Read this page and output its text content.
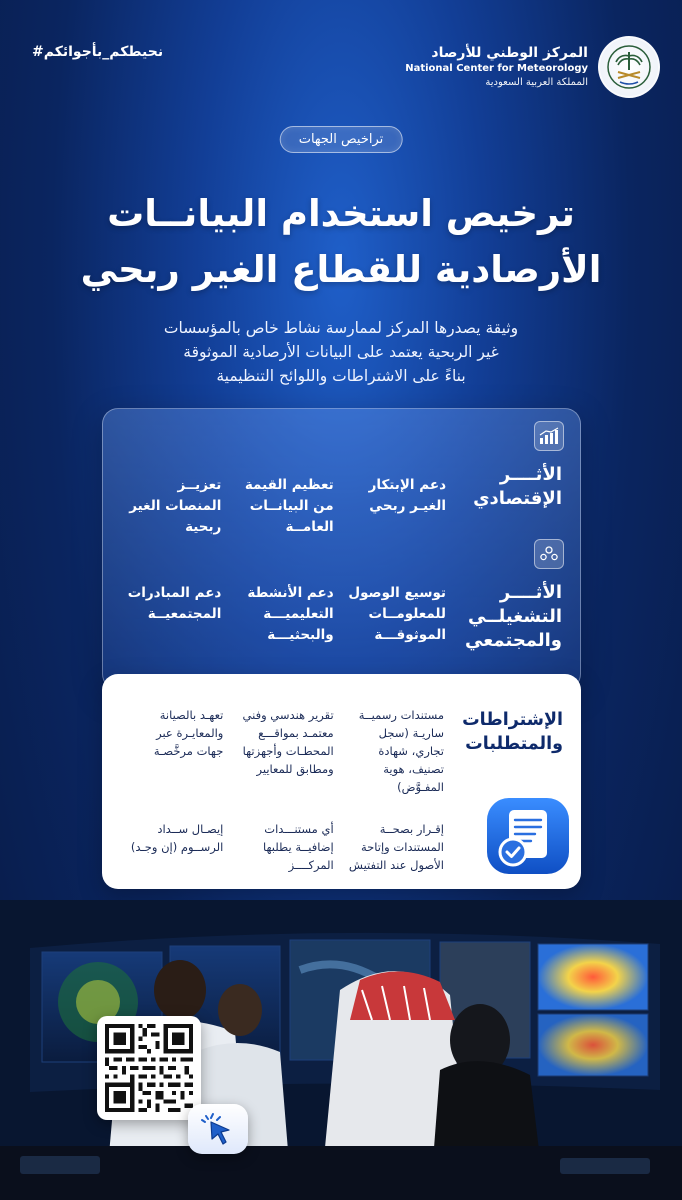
#نحيطكم_بأجوائكم	المركز الوطني للأرصاد
National Center for Meteorology
المملكة العربية السعودية
تراخيص الجهات
ترخيص استخدام البيانــات
الأرصادية للقطاع الغير ربحي
وثيقة يصدرها المركز لممارسة نشاط خاص بالمؤسسات
غير الربحية يعتمد على البيانات الأرصادية الموثوقة
بناءً على الاشتراطات واللوائح التنظيمية
الأثــــر
الإقتصادي
دعم الإبتكار الغيـر ربحي
تعظيم القيمة من البيانــات العامــة
تعزيــز المنصات الغير ربحية
الأثــــر
التشغيلــي
والمجتمعي
توسيع الوصول للمعلومــات الموثوقـــة
دعم الأنشطة التعليميـــة والبحثيـــة
دعم المبادرات المجتمعيــة
الإشتراطات
والمتطلبات
مستندات رسميــة ساريـة (سجل تجاري، شهادة تصنيف، هوية المفـوَّض)
تقرير هندسي وفني معتمـد بمواقـــع المحطـات وأجهزتها ومطابق للمعايير
تعهـد بالصيانة والمعايـرة عبر جهات مرخَّصـة
إقـرار بصحــة المستندات وإتاحة الأصول عند التفتيش
أي مستنـــدات إضافيــة يطلبها المركــــز
إيصـال ســداد الرســوم (إن وجـد)
